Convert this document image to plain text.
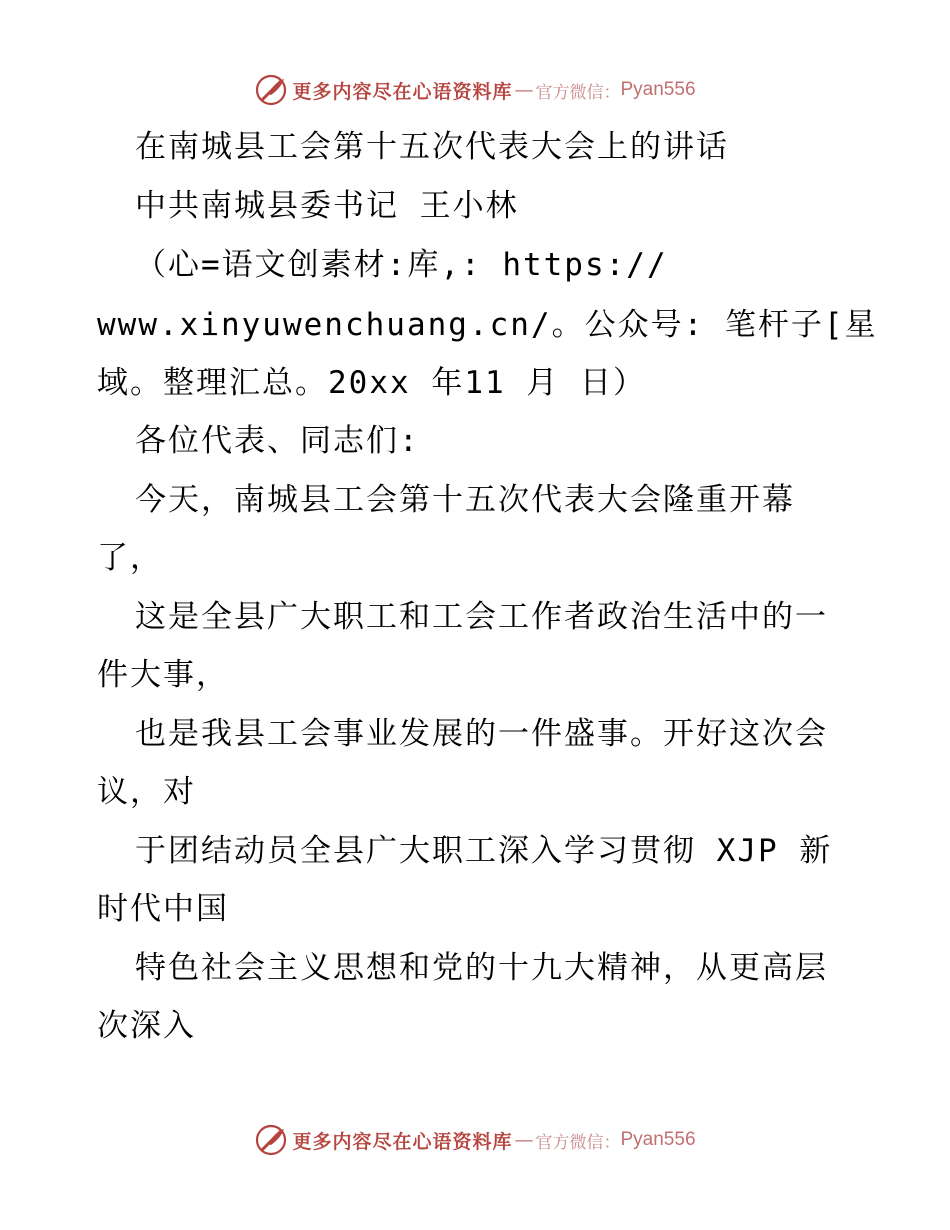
更多内容尽在心语资料库 — 官方微信： Pyan556
在南城县工会第十五次代表大会上的讲话
中共南城县委书记 王小林
（心=语文创素材:库,: https://
www.xinyuwenchuang.cn/。公众号: 笔杆子[星
域。整理汇总。20xx 年11 月 日）
各位代表、同志们:
今天，南城县工会第十五次代表大会隆重开幕
了，
这是全县广大职工和工会工作者政治生活中的一
件大事，
也是我县工会事业发展的一件盛事。开好这次会
议，对
于团结动员全县广大职工深入学习贯彻 XJP 新
时代中国
特色社会主义思想和党的十九大精神，从更高层
次深入
更多内容尽在心语资料库 — 官方微信： Pyan556
